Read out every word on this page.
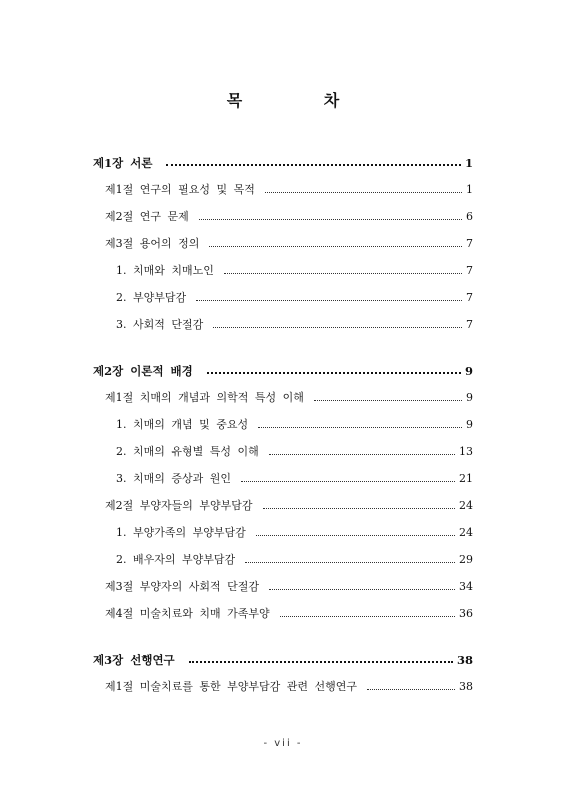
목 차
제1장 서론	1
제1절 연구의 필요성 및 목적	1
제2절 연구 문제	6
제3절 용어의 정의	7
1. 치매와 치매노인	7
2. 부양부담감	7
3. 사회적 단절감	7
제2장 이론적 배경	9
제1절 치매의 개념과 의학적 특성 이해	9
1. 치매의 개념 및 중요성	9
2. 치매의 유형별 특성 이해	13
3. 치매의 증상과 원인	21
제2절 부양자들의 부양부담감	24
1. 부양가족의 부양부담감	24
2. 배우자의 부양부담감	29
제3절 부양자의 사회적 단절감	34
제4절 미술치료와 치매 가족부양	36
제3장 선행연구	38
제1절 미술치료를 통한 부양부담감 관련 선행연구	38
- vii -
